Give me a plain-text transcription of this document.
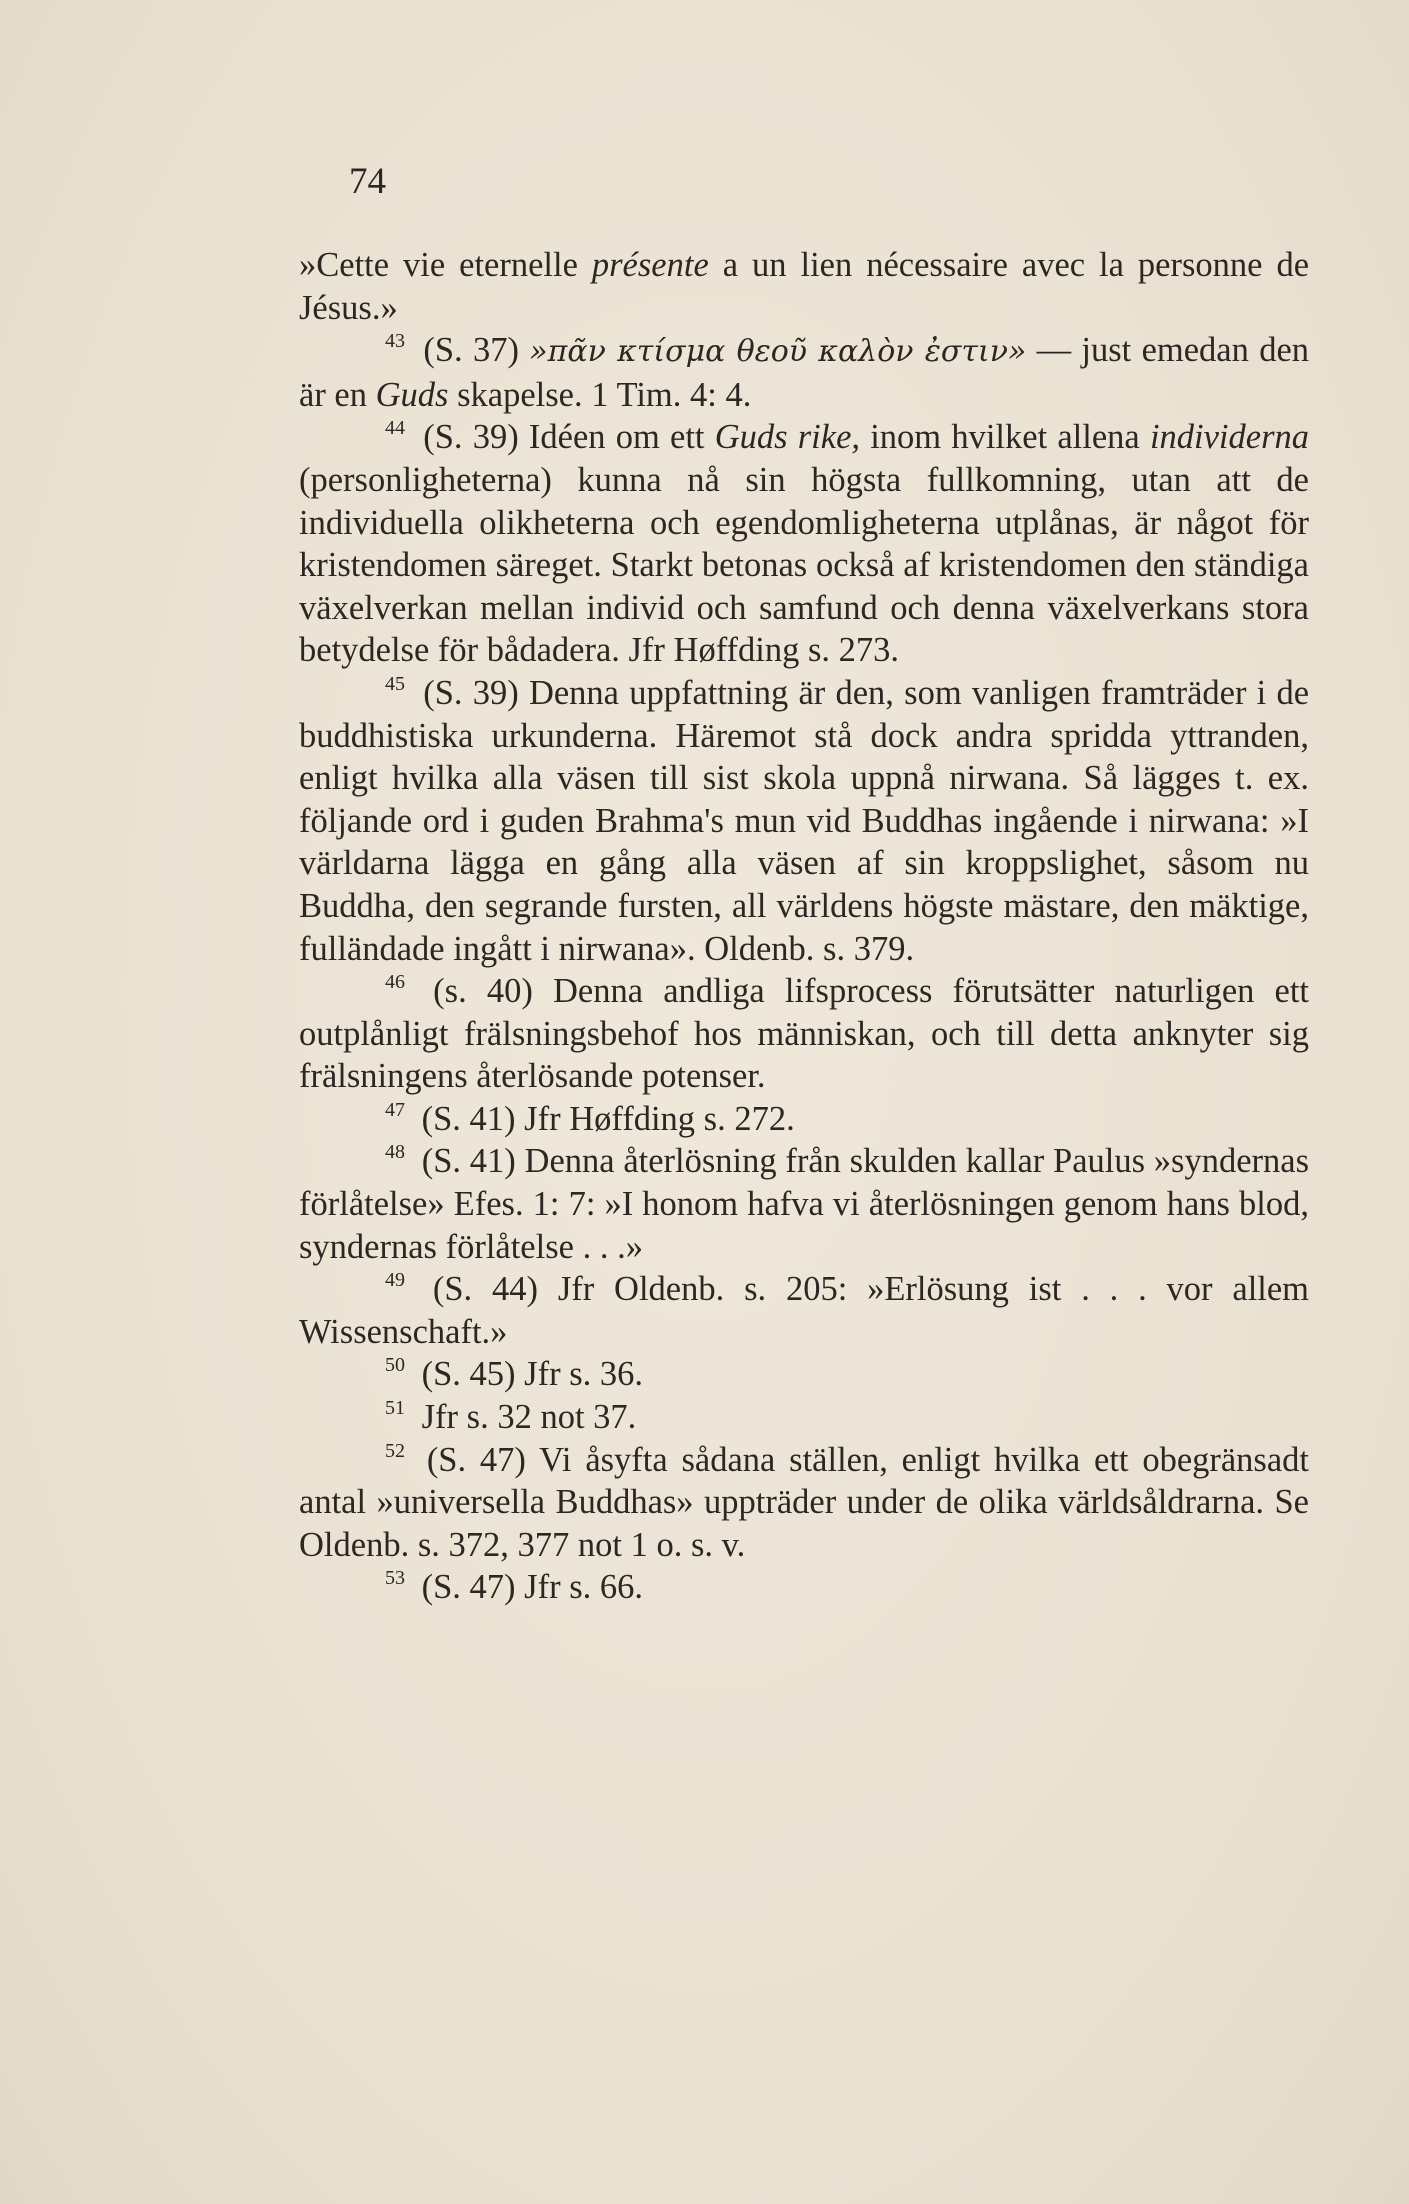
74

»Cette vie eternelle présente a un lien nécessaire avec la personne de Jésus.»

$^{43}$ (S. 37) »πᾶν κτίσμα θεοῦ καλὸν ἐστιν» — just emedan den är en Guds skapelse. 1 Tim. 4: 4.

$^{44}$ (S. 39) Idéen om ett Guds rike, inom hvilket allena individerna (personligheterna) kunna nå sin högsta fullkomning, utan att de individuella olikheterna och egendomligheterna utplånas, är något för kristendomen säreget. Starkt betonas också af kristendomen den ständiga växelverkan mellan individ och samfund och denna växelverkans stora betydelse för bådadera. Jfr Høffding s. 273.

$^{45}$ (S. 39) Denna uppfattning är den, som vanligen framträder i de buddhistiska urkunderna. Häremot stå dock andra spridda yttranden, enligt hvilka alla väsen till sist skola uppnå nirwana. Så lägges t. ex. följande ord i guden Brahma's mun vid Buddhas ingående i nirwana: »I världarna lägga en gång alla väsen af sin kroppslighet, såsom nu Buddha, den segrande fursten, all världens högste mästare, den mäktige, fulländade ingått i nirwana». Oldenb. s. 379.

$^{46}$ (s. 40) Denna andliga lifsprocess förutsätter naturligen ett outplånligt frälsningsbehof hos människan, och till detta anknyter sig frälsningens återlösande potenser.

$^{47}$ (S. 41) Jfr Høffding s. 272.

$^{48}$ (S. 41) Denna återlösning från skulden kallar Paulus »syndernas förlåtelse» Efes. 1: 7: »I honom hafva vi återlösningen genom hans blod, syndernas förlåtelse . . .»

$^{49}$ (S. 44) Jfr Oldenb. s. 205: »Erlösung ist . . . vor allem Wissenschaft.»

$^{50}$ (S. 45) Jfr s. 36.

$^{51}$ Jfr s. 32 not 37.

$^{52}$ (S. 47) Vi åsyfta sådana ställen, enligt hvilka ett obegränsadt antal »universella Buddhas» uppträder under de olika världsåldrarna. Se Oldenb. s. 372, 377 not 1 o. s. v.

$^{53}$ (S. 47) Jfr s. 66.
